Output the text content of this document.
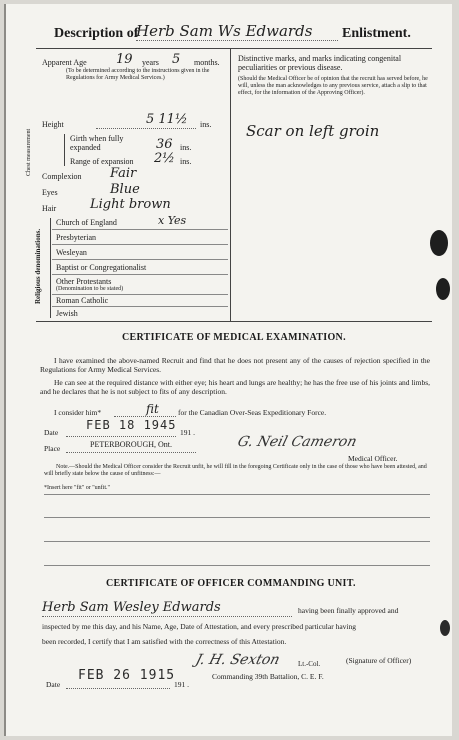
Description of
Herb Sam Ws Edwards Enlistment.
Apparent Age 19 years 5 months.
(To be determined according to the instructions given in the Regulations for Army Medical Services.)
Height	5 11½ ins.
Chest measurement	Girth when fully expanded	36 ins.
Range of expansion 2½ ins.
Complexion Fair
Eyes	Blue
Hair	Light brown
Religious denominations.
Church of England	x Yes
Presbyterian
Wesleyan
Baptist or Congregationalist
Other Protestants
(Denomination to be stated)
Roman Catholic
Jewish
Distinctive marks, and marks indicating congenital peculiarities or previous disease.
(Should the Medical Officer be of opinion that the recruit has served before, he will, unless the man acknowledges to any previous service, attach a slip to that effect, for the information of the Approving Officer).
Scar on left groin
CERTIFICATE OF MEDICAL EXAMINATION.
I have examined the above-named Recruit and find that he does not present any of the causes of rejection specified in the Regulations for Army Medical Services.
He can see at the required distance with either eye; his heart and lungs are healthy; he has the free use of his joints and limbs, and he declares that he is not subject to fits of any description.
I consider him*	fit	for the Canadian Over-Seas Expeditionary Force.
Date
FEB 18 1945
191 .
Place	PETERBOROUGH, Ont.	G. Neil Cameron
Medical Officer.
Note.—Should the Medical Officer consider the Recruit unfit, he will fill in the foregoing Certificate only in the case of those who have been attested, and will briefly state below the cause of unfitness:—
*Insert here "fit" or "unfit."
CERTIFICATE OF OFFICER COMMANDING UNIT.
Herb Sam Wesley Edwards	having been finally approved and
inspected by me this day, and his Name, Age, Date of Attestation, and every prescribed particular having
been recorded, I certify that I am satisfied with the correctness of this Attestation.
J. H. Sexton Lt.-Col.	(Signature of Officer)
Commanding 39th Battalion, C. E. F.
Date
FEB 26 1915
191 .
